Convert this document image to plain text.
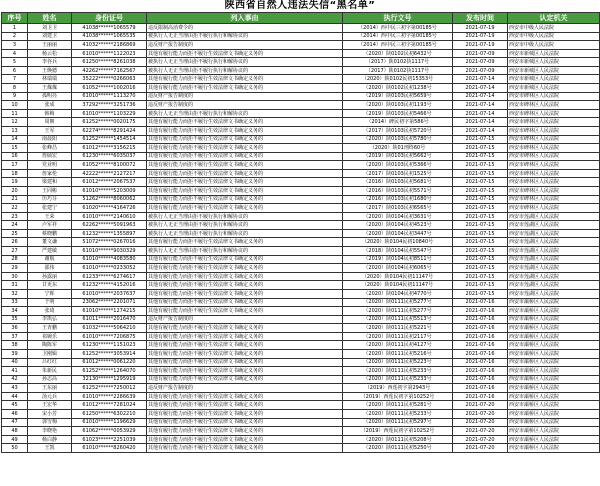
陕西省自然人违法失信“黑名单”
序号	姓名	身份证号	列入事由	执行文号	发布时间	认定机关
1	刘卫卫	41038******1065579	违反限制高消费令的	（2014）西中民三初字第00185号	2021-07-19	西安市中级人民法院
2	刘建卫	41038******1065535	被执行人无正当理由拒不履行执行和解协议的	（2014）西中民三初字第00185号	2021-07-19	西安市中级人民法院
3	王丽丽	41032******2186869	违反财产报告制度的	（2014）西中民三初字第00185号	2021-07-19	西安市中级人民法院
4	杨云松	61010******1122023	其他有履行能力而拒不履行生效法律文书确定义务的	（2020）陕0102民初6432号	2021-07-09	西安市新城区人民法院
5	李谷兵	61250******8261038	被执行人无正当理由拒不履行执行和解协议的	（2017）陕0102执1117号	2021-07-09	西安市新城区人民法院
6	王焕德	42262******7162567	被执行人无正当理由拒不履行执行和解协议的	（2017）陕0102执1117号	2021-07-09	西安市新城区人民法院
7	林瑞瑞	35222******0266063	其他有履行能力而拒不履行生效法律文书确定义务的	（2020）陕0102民初15353号	2021-07-14	西安市新城区人民法院
8	王煤煤	61052******1002016	其他有履行能力而拒不履行生效法律文书确定义务的	（2020）陕0102民初1238号	2021-07-14	西安市新城区人民法院
9	孤明亮	61010******1113270	违反财产报告制度的	（2019）陕0103民初5659号	2021-07-14	西安市碑林区人民法院
10	张成	37292******3251736	违反财产报告制度的	（2020）陕0103民初1193号	2021-07-14	西安市碑林区人民法院
11	韩梅	61010******1103229	被执行人无正当理由拒不履行执行和解协议的	（2019）陕0103民初5466号	2021-07-14	西安市碑林区人民法院
12	周朝	61252******0020175	其他有履行能力而拒不履行生效法律文书确定义务的	（2014）碑民初字第586号	2021-07-14	西安市碑林区人民法院
13	王军	62274******8291424	其他有履行能力而拒不履行生效法律文书确定义务的	（2017）陕0103民初5720号	2021-07-14	西安市碑林区人民法院
14	南晨阳	61252******1454514	其他有履行能力而拒不履行生效法律文书确定义务的	（2020）陕0103民初5780号	2021-07-15	西安市碑林区人民法院
15	张峰昌	61012******3156215	其他有履行能力而拒不履行生效法律文书确定义务的	（2020）陕01刑终60号	2021-07-15	西安市碑林区人民法院
16	詹硕宏	61230******6035037	其他有履行能力而拒不履行生效法律文书确定义务的	（2019）陕0103民初5662号	2021-07-15	西安市碑林区人民法院
17	党业明	61052******8100072	其他有履行能力而拒不履行生效法律文书确定义务的	（2020）陕0103民初5366号	2021-07-15	西安市碑林区人民法院
18	詹家伦	42222******2127217	其他有履行能力而拒不履行生效法律文书确定义务的	（2017）陕0103民初1525号	2021-07-15	西安市碑林区人民法院
19	梁建和	61012******2067537	其他有履行能力而拒不履行生效法律文书确定义务的	（2016）陕0103民初5681号	2021-07-15	西安市碑林区人民法院
20	王同彬	61010******5203009	其他有履行能力而拒不履行生效法律文书确定义务的	（2016）陕0103民初5571号	2021-07-15	西安市碑林区人民法院
21	历巧芬	51262******8060062	其他有履行能力而拒不履行生效法律文书确定义务的	（2016）陕0103民初1680号	2021-07-15	西安市碑林区人民法院
22	张建宁	61020******4164726	其他有履行能力而拒不履行生效法律文书确定义务的	（2017）陕0103民初6565号	2021-07-15	西安市碑林区人民法院
23	王荣	61010******2140610	被执行人无正当理由拒不履行执行和解协议的	（2020）陕0104民初3631号	2021-07-15	西安市莲湖区人民法院
24	卢军祥	62262******5091963	被执行人无正当理由拒不履行执行和解协议的	（2020）陕0104民初4523号	2021-07-15	西安市莲湖区人民法院
25	蔡晓鹏	61232******1355897	被执行人无正当理由拒不履行执行和解协议的	（2020）陕0104民初3447号	2021-07-15	西安市莲湖区人民法院
26	董文谦	51072******0267016	其他有履行能力而拒不履行生效法律文书确定义务的	（2020）陕0104民初10840号	2021-07-15	西安市莲湖区人民法院
27	严建敏	61010******9030329	被执行人无正当理由拒不履行执行和解协议的	（2018）陕0104民初5547号	2021-07-15	西安市莲湖区人民法院
28	谢航	61010******4083580	其他有履行能力而拒不履行生效法律文书确定义务的	（2019）陕0104民初8511号	2021-07-15	西安市莲湖区人民法院
29	邵伟	61010******0233052	其他有履行能力而拒不履行生效法律文书确定义务的	（2020）陕0104民初6065号	2021-07-15	西安市莲湖区人民法院
30	孙露丽	61233******6274617	其他有履行能力而拒不履行生效法律文书确定义务的	（2020）陕0104民初11147号	2021-07-15	西安市莲湖区人民法院
31	甘更东	61232******4152016	其他有履行能力而拒不履行生效法律文书确定义务的	（2020）陕0104民初11147号	2021-07-15	西安市莲湖区人民法院
32	宁晖	61010******2037637	其他有履行能力而拒不履行生效法律文书确定义务的	（2020）陕0104民初4770号	2021-07-15	西安市莲湖区人民法院
33	于明	23062******2201071	其他有履行能力而拒不履行生效法律文书确定义务的	（2020）陕0111民初5277号	2021-07-16	西安市灞桥区人民法院
34	张琦	61010******1274215	其他有履行能力而拒不履行生效法律文书确定义务的	（2020）陕0111民初5277号	2021-07-16	西安市灞桥区人民法院
35	李凯弘	61011******2016470	违反财产报告制度的	（2020）陕0111民初5513号	2021-07-16	西安市灞桥区人民法院
36	王青鹏	61032******5064210	其他有履行能力而拒不履行生效法律文书确定义务的	（2020）陕0111民初5221号	2021-07-16	西安市灞桥区人民法院
37	祁婉乐	61010******7206875	其他有履行能力而拒不履行生效法律文书确定义务的	（2020）陕0111民初2117号	2021-07-16	西安市灞桥区人民法院
38	陶陈军	61230******1151023	其他有履行能力而拒不履行生效法律文书确定义务的	（2020）陕0111民初4127号	2021-07-16	西安市灞桥区人民法院
39	卫刚辑	61252******3053914	其他有履行能力而拒不履行生效法律文书确定义务的	（2020）陕0111民初5216号	2021-07-16	西安市灞桥区人民法院
40	吕红红	61012******0061220	其他有履行能力而拒不履行生效法律文书确定义务的	（2020）陕0111民初5223号	2021-07-16	西安市灞桥区人民法院
41	朱新民	61252******1264070	其他有履行能力而拒不履行生效法律文书确定义务的	（2020）陕0111民初5233号	2021-07-16	西安市灞桥区人民法院
42	孙志高	32130******1295919	其他有履行能力而拒不履行生效法律文书确定义务的	（2020）陕0111民初5233号	2021-07-16	西安市灞桥区人民法院
43	王东丽	61252******7250012	违反财产报告制度的	（2019）西莲初字第2943号	2021-07-16	西安市灞桥区人民法院
44	汤元兵	61010******2286639	其他有履行能力而拒不履行生效法律文书确定义务的	（2019）西莲民初字第10252号	2021-07-16	西安市灞桥区人民法院
45	王宏华	61012******7281024	其他有履行能力而拒不履行生效法律文书确定义务的	（2020）陕0111民初5281号	2021-07-20	西安市灞桥区人民法院
46	宋小芳	61250******6302210	其他有履行能力而拒不履行生效法律文书确定义务的	（2020）陕0111民初5233号	2021-07-20	西安市灞桥区人民法院
47	郭雪梅	61010******1196629	其他有履行能力而拒不履行生效法律文书确定义务的	（2020）陕0111民初5297号	2021-07-20	西安市灞桥区人民法院
48	李晓艳	61062******0053929	其他有履行能力而拒不履行生效法律文书确定义务的	（2019）西莲民初字第10252号	2021-07-20	西安市灞桥区人民法院
49	杨白静	61023******2251039	其他有履行能力而拒不履行生效法律文书确定义务的	（2020）陕0111民初5208号	2021-07-20	西安市灞桥区人民法院
50	王凯	61010******8260420	其他有履行能力而拒不履行生效法律文书确定义务的	（2020）陕0111民初5250号	2021-07-20	西安市灞桥区人民法院
